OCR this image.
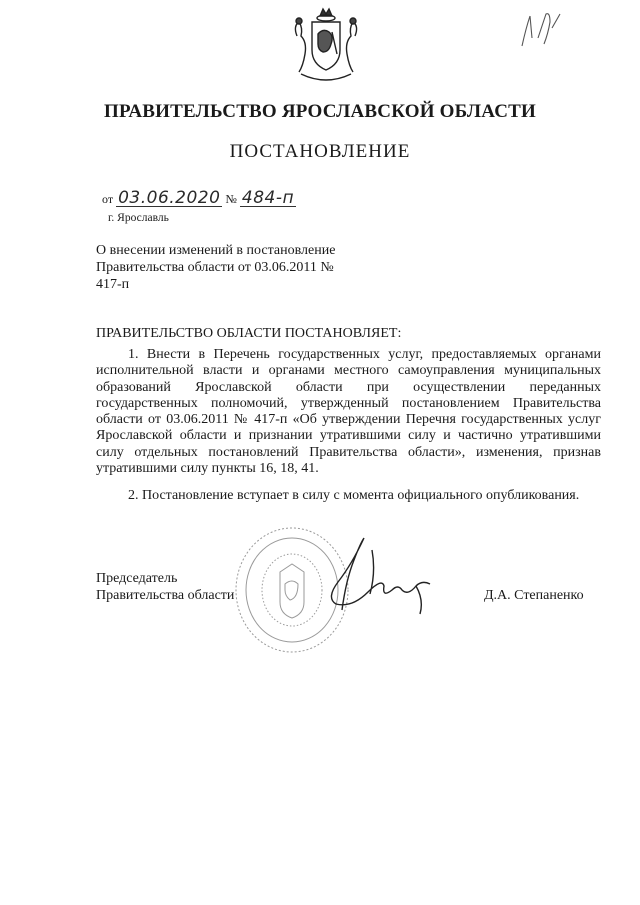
ПРАВИТЕЛЬСТВО ЯРОСЛАВСКОЙ ОБЛАСТИ
ПОСТАНОВЛЕНИЕ
от 03.06.2020 № 484-п
г. Ярославль
О внесении изменений в постановление Правительства области от 03.06.2011 № 417-п
ПРАВИТЕЛЬСТВО ОБЛАСТИ ПОСТАНОВЛЯЕТ:
1. Внести в Перечень государственных услуг, предоставляемых органами исполнительной власти и органами местного самоуправления муниципальных образований Ярославской области при осуществлении переданных государственных полномочий, утвержденный постановлением Правительства области от 03.06.2011 № 417-п «Об утверждении Перечня государственных услуг Ярославской области и признании утратившими силу и частично утратившими силу отдельных постановлений Правительства области», изменения, признав утратившими силу пункты 16, 18, 41.
2. Постановление вступает в силу с момента официального опубликования.
Председатель
Правительства области	Д.А. Степаненко
